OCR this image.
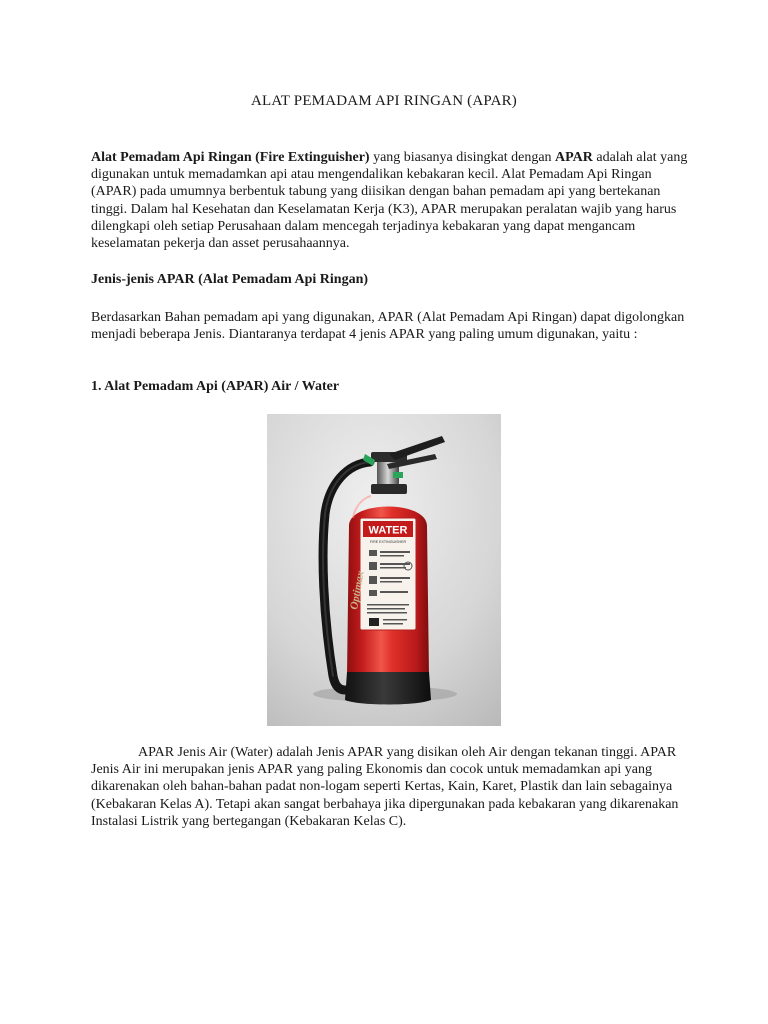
ALAT PEMADAM API RINGAN (APAR)

Alat Pemadam Api Ringan (Fire Extinguisher) yang biasanya disingkat dengan APAR adalah alat yang digunakan untuk memadamkan api atau mengendalikan kebakaran kecil. Alat Pemadam Api Ringan (APAR) pada umumnya berbentuk tabung yang diisikan dengan bahan pemadam api yang bertekanan tinggi. Dalam hal Kesehatan dan Keselamatan Kerja (K3), APAR merupakan peralatan wajib yang harus dilengkapi oleh setiap Perusahaan dalam mencegah terjadinya kebakaran yang dapat mengancam keselamatan pekerja dan asset perusahaannya.

Jenis-jenis APAR (Alat Pemadam Api Ringan)

Berdasarkan Bahan pemadam api yang digunakan, APAR (Alat Pemadam Api Ringan) dapat digolongkan menjadi beberapa Jenis. Diantaranya terdapat 4 jenis APAR yang paling umum digunakan, yaitu :

1. Alat Pemadam Api (APAR) Air / Water
WATER
FIRE EXTINGUISHER
Optimax

APAR Jenis Air (Water) adalah Jenis APAR yang disikan oleh Air dengan tekanan tinggi. APAR Jenis Air ini merupakan jenis APAR yang paling Ekonomis dan cocok untuk memadamkan api yang dikarenakan oleh bahan-bahan padat non-logam seperti Kertas, Kain, Karet, Plastik dan lain sebagainya (Kebakaran Kelas A). Tetapi akan sangat berbahaya jika dipergunakan pada kebakaran yang dikarenakan Instalasi Listrik yang bertegangan (Kebakaran Kelas C).
